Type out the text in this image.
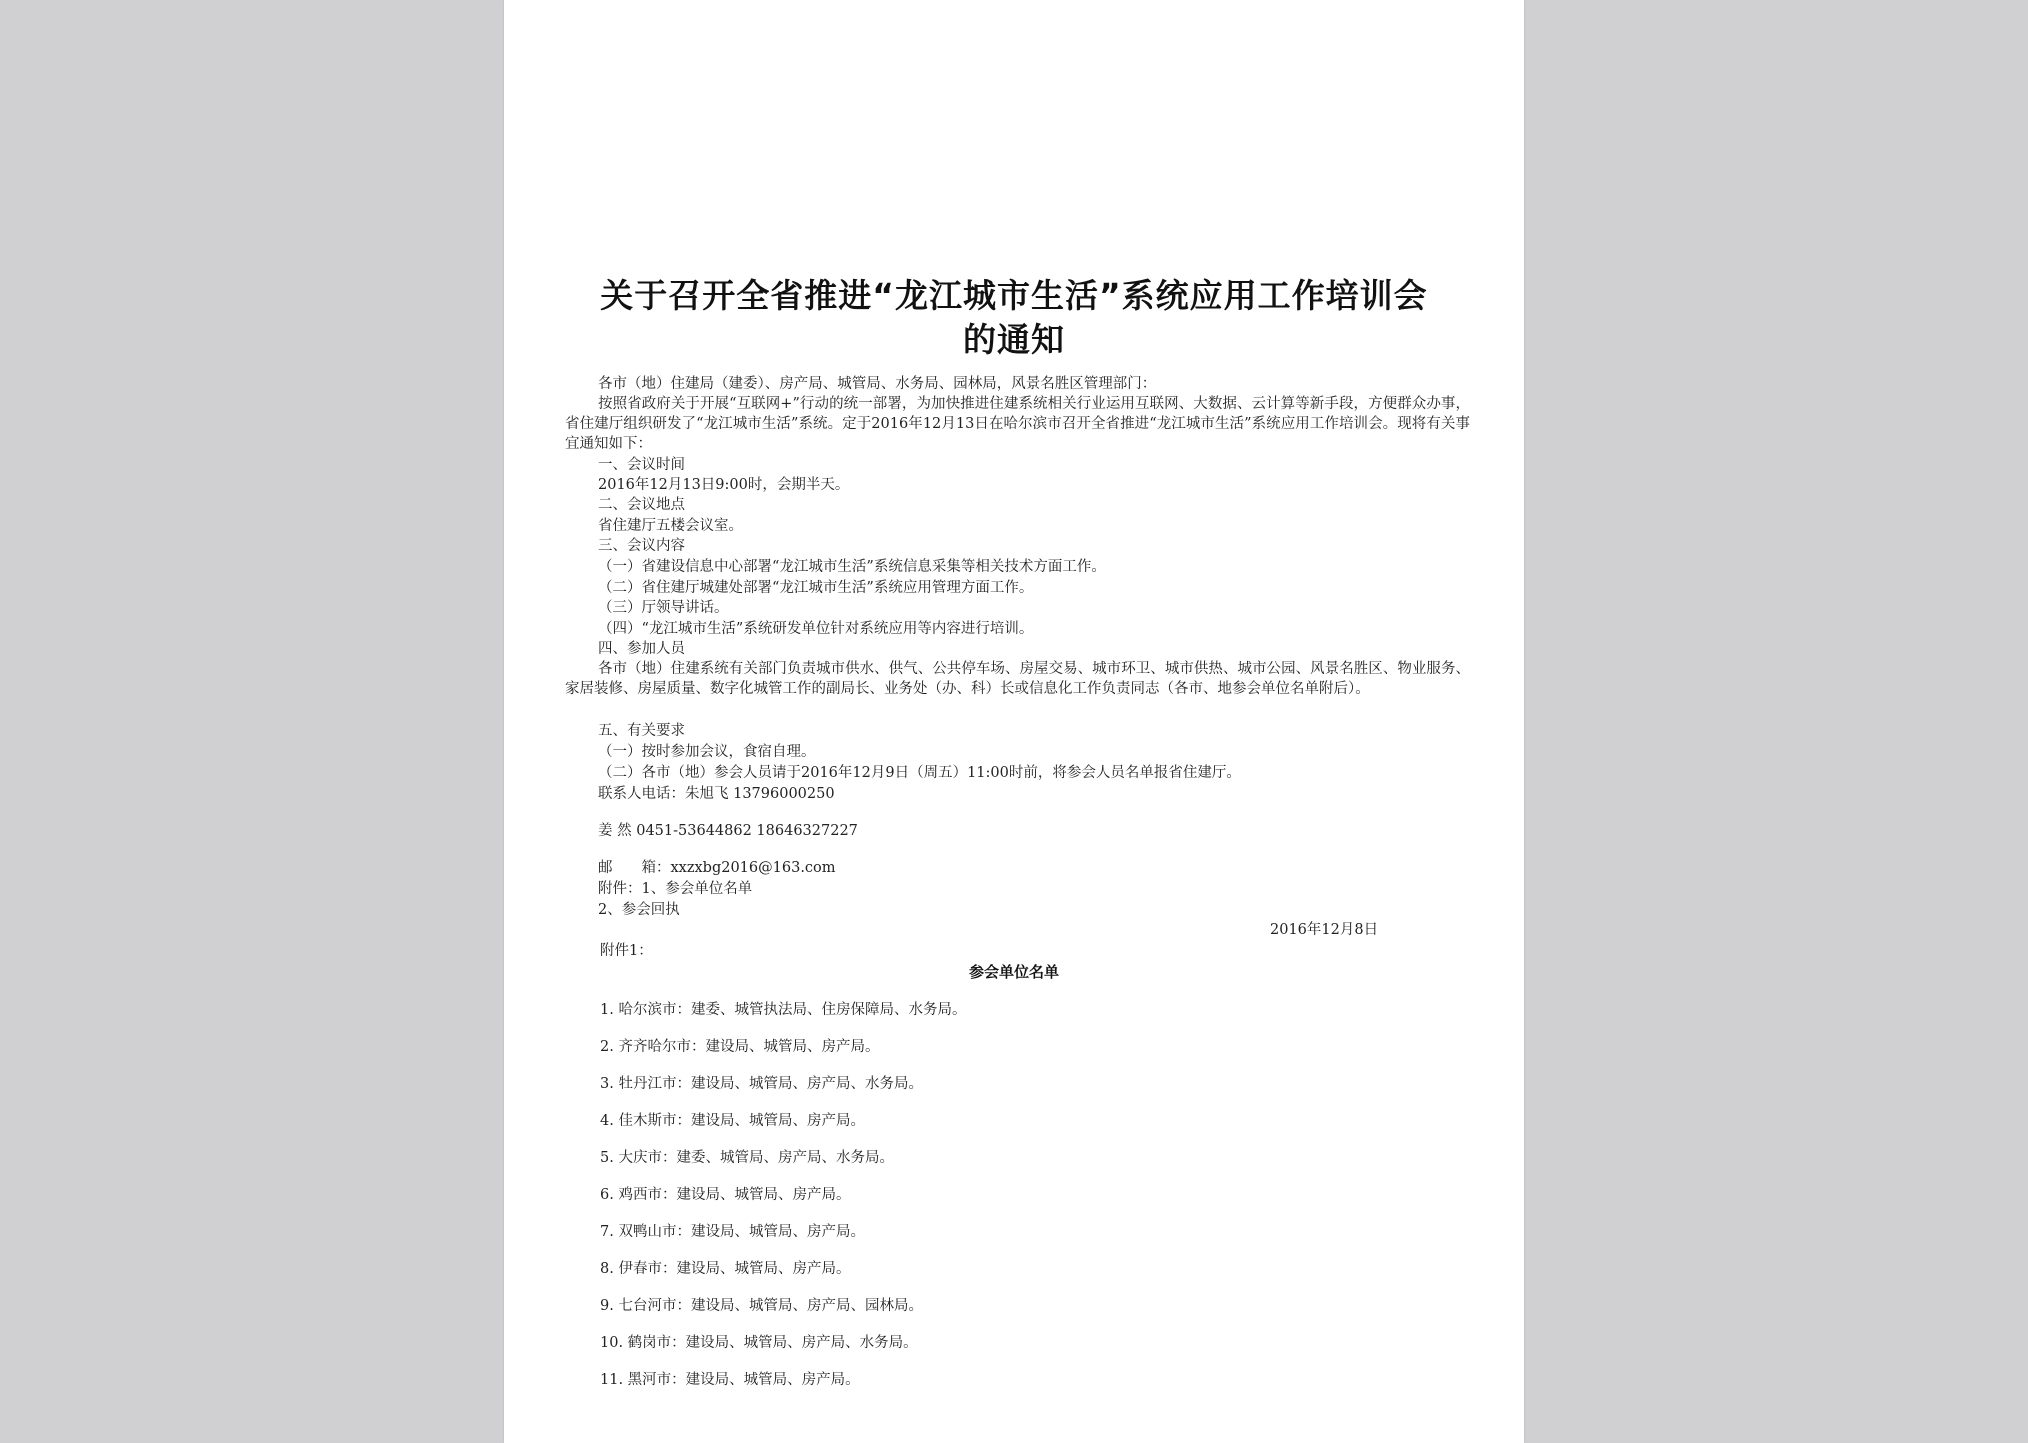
关于召开全省推进“龙江城市生活”系统应用工作培训会
的通知
各市（地）住建局（建委）、房产局、城管局、水务局、园林局，风景名胜区管理部门：
按照省政府关于开展“互联网+”行动的统一部署，为加快推进住建系统相关行业运用互联网、大数据、云计算等新手段，方便群众办事，省住建厅组织研发了“龙江城市生活”系统。定于2016年12月13日在哈尔滨市召开全省推进“龙江城市生活”系统应用工作培训会。现将有关事宜通知如下：
一、会议时间
2016年12月13日9:00时，会期半天。
二、会议地点
省住建厅五楼会议室。
三、会议内容
（一）省建设信息中心部署“龙江城市生活”系统信息采集等相关技术方面工作。
（二）省住建厅城建处部署“龙江城市生活”系统应用管理方面工作。
（三）厅领导讲话。
（四）“龙江城市生活”系统研发单位针对系统应用等内容进行培训。
四、参加人员
各市（地）住建系统有关部门负责城市供水、供气、公共停车场、房屋交易、城市环卫、城市供热、城市公园、风景名胜区、物业服务、家居装修、房屋质量、数字化城管工作的副局长、业务处（办、科）长或信息化工作负责同志（各市、地参会单位名单附后）。
五、有关要求
（一）按时参加会议，食宿自理。
（二）各市（地）参会人员请于2016年12月9日（周五）11:00时前，将参会人员名单报省住建厅。
联系人电话：朱旭飞 13796000250
姜 然 0451-53644862 18646327227
邮　　箱：xxzxbg2016@163.com
附件：1、参会单位名单
2、参会回执
2016年12月8日
附件1：
参会单位名单
1. 哈尔滨市：建委、城管执法局、住房保障局、水务局。
2. 齐齐哈尔市：建设局、城管局、房产局。
3. 牡丹江市：建设局、城管局、房产局、水务局。
4. 佳木斯市：建设局、城管局、房产局。
5. 大庆市：建委、城管局、房产局、水务局。
6. 鸡西市：建设局、城管局、房产局。
7. 双鸭山市：建设局、城管局、房产局。
8. 伊春市：建设局、城管局、房产局。
9. 七台河市：建设局、城管局、房产局、园林局。
10. 鹤岗市：建设局、城管局、房产局、水务局。
11. 黑河市：建设局、城管局、房产局。
